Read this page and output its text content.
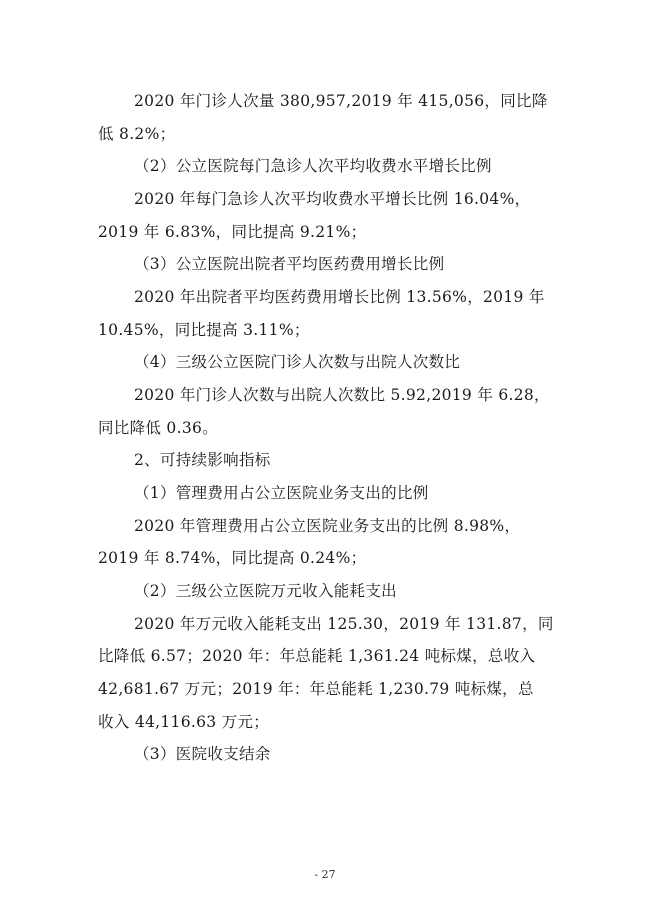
2020 年门诊人次量 380,957,2019 年 415,056，同比降
低 8.2%；
（2）公立医院每门急诊人次平均收费水平增长比例
2020 年每门急诊人次平均收费水平增长比例 16.04%，
2019 年 6.83%，同比提高 9.21%；
（3）公立医院出院者平均医药费用增长比例
2020 年出院者平均医药费用增长比例 13.56%，2019 年
10.45%，同比提高 3.11%；
（4）三级公立医院门诊人次数与出院人次数比
2020 年门诊人次数与出院人次数比 5.92,2019 年 6.28，
同比降低 0.36。
2、可持续影响指标
（1）管理费用占公立医院业务支出的比例
2020 年管理费用占公立医院业务支出的比例 8.98%，
2019 年 8.74%，同比提高 0.24%；
（2）三级公立医院万元收入能耗支出
2020 年万元收入能耗支出 125.30，2019 年 131.87，同
比降低 6.57；2020 年：年总能耗 1,361.24 吨标煤，总收入
42,681.67 万元；2019 年：年总能耗 1,230.79 吨标煤，总
收入 44,116.63 万元；
（3）医院收支结余
- 27
